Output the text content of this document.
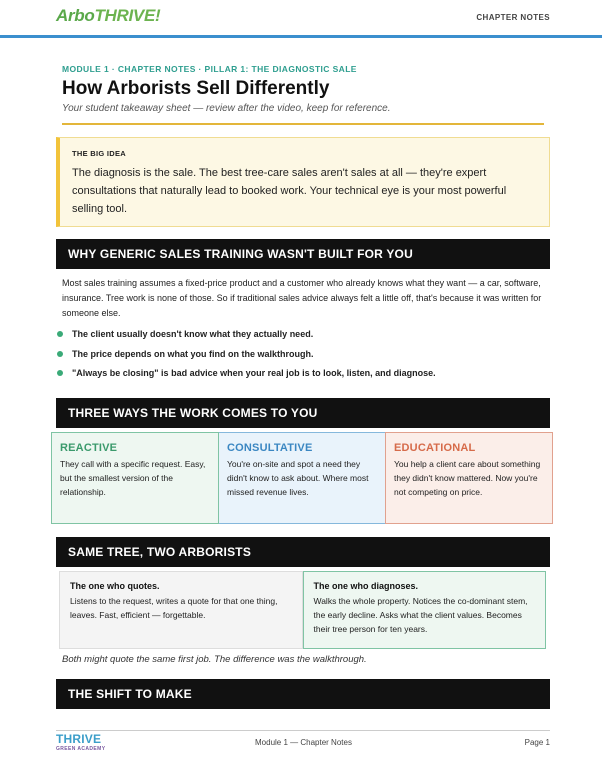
ArboTHRIVE!	CHAPTER NOTES
MODULE 1 · CHAPTER NOTES · PILLAR 1: THE DIAGNOSTIC SALE
How Arborists Sell Differently
Your student takeaway sheet — review after the video, keep for reference.
THE BIG IDEA
The diagnosis is the sale. The best tree-care sales aren't sales at all — they're expert consultations that naturally lead to booked work. Your technical eye is your most powerful selling tool.
WHY GENERIC SALES TRAINING WASN'T BUILT FOR YOU
Most sales training assumes a fixed-price product and a customer who already knows what they want — a car, software, insurance. Tree work is none of those. So if traditional sales advice always felt a little off, that's because it was written for someone else.
The client usually doesn't know what they actually need.
The price depends on what you find on the walkthrough.
"Always be closing" is bad advice when your real job is to look, listen, and diagnose.
THREE WAYS THE WORK COMES TO YOU
REACTIVE
They call with a specific request. Easy, but the smallest version of the relationship.
CONSULTATIVE
You're on-site and spot a need they didn't know to ask about. Where most missed revenue lives.
EDUCATIONAL
You help a client care about something they didn't know mattered. Now you're not competing on price.
SAME TREE, TWO ARBORISTS
The one who quotes.
Listens to the request, writes a quote for that one thing, leaves. Fast, efficient — forgettable.
The one who diagnoses.
Walks the whole property. Notices the co-dominant stem, the early decline. Asks what the client values. Becomes their tree person for ten years.
Both might quote the same first job. The difference was the walkthrough.
THE SHIFT TO MAKE
THRIVE
GREEN ACADEMY
Module 1 — Chapter Notes	Page 1
